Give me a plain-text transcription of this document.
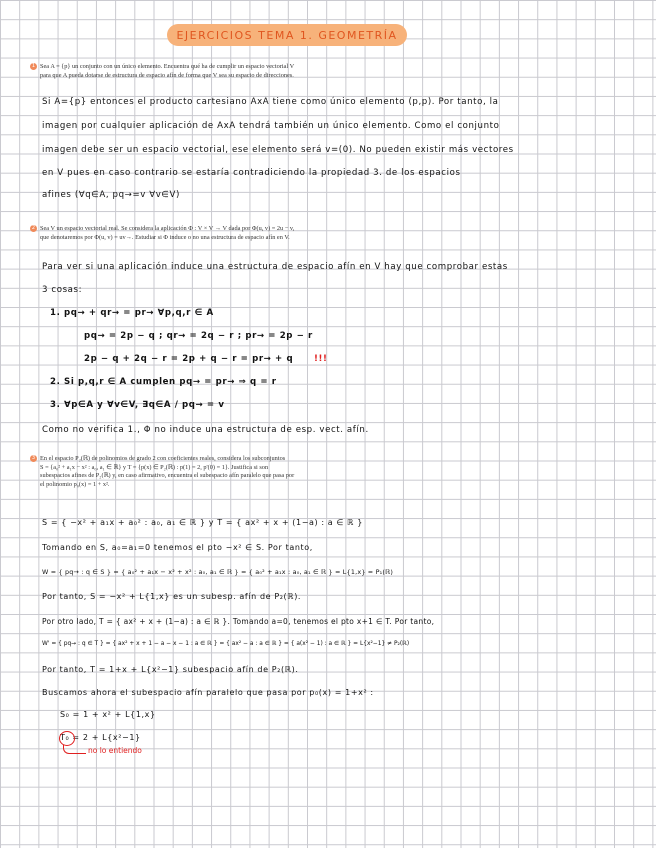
EJERCICIOS TEMA 1. GEOMETRÍA
1 Sea A = {p} un conjunto con un único elemento. Encuentra qué ha de cumplir un espacio vectorial V
para que A pueda dotarse de estructura de espacio afín de forma que V sea su espacio de direcciones.
Si A={p} entonces el producto cartesiano AxA tiene como único elemento (p,p). Por tanto, la
imagen por cualquier aplicación de AxA tendrá también un único elemento. Como el conjunto
imagen debe ser un espacio vectorial, ese elemento será v=(0). No pueden existir más vectores
en V pues en caso contrario se estaría contradiciendo la propiedad 3. de los espacios
afines (∀q∈A, pq→=v ∀v∈V)
2 Sea V un espacio vectorial real. Se considera la aplicación Φ : V × V → V dada por Φ(u, v) = 2u − v,
que denotaremos por Φ(u, v) = uv→. Estudiar si Φ induce o no una estructura de espacio afín en V.
Para ver si una aplicación induce una estructura de espacio afín en V hay que comprobar estas
3 cosas:
1. pq→ + qr→ = pr→ ∀p,q,r ∈ A
pq→ = 2p − q ; qr→ = 2q − r ; pr→ = 2p − r
2p − q + 2q − r = 2p + q − r = pr→ + q !!!
2. Si p,q,r ∈ A cumplen pq→ = pr→ ⇒ q = r
3. ∀p∈A y ∀v∈V, ∃q∈A / pq→ = v
Como no verifica 1., Φ no induce una estructura de esp. vect. afín.
3 En el espacio P₂(ℝ) de polinomios de grado 2 con coeficientes reales, considera los subconjuntos
S = {a₀² + a₁x − x² : a₀, a₁ ∈ ℝ} y T = {p(x) ∈ P₂(ℝ) : p(1) = 2, p'(0) = 1}. Justifica si son
subespacios afines de P₂(ℝ) y, en caso afirmativo, encuentra el subespacio afín paralelo que pasa por
el polinomio p₀(x) = 1 + x².
S = { −x² + a₁x + a₀² : a₀, a₁ ∈ ℝ } y T = { ax² + x + (1−a) : a ∈ ℝ }
Tomando en S, a₀=a₁=0 tenemos el pto −x² ∈ S. Por tanto,
W = { pq→ : q ∈ S } = { a₀² + a₁x − x² + x² : a₀, a₁ ∈ ℝ } = { a₀² + a₁x : a₀, a₁ ∈ ℝ } = L{1,x} = P₁(ℝ)
Por tanto, S = −x² + L{1,x} es un subesp. afín de P₂(ℝ).
Por otro lado, T = { ax² + x + (1−a) : a ∈ ℝ }. Tomando a=0, tenemos el pto x+1 ∈ T. Por tanto,
W' = { pq→ : q ∈ T } = { ax² + x + 1 − a − x − 1 : a ∈ ℝ } = { ax² − a : a ∈ ℝ } = { a(x² − 1) : a ∈ ℝ } = L{x²−1} ≠ P₂(ℝ)
Por tanto, T = 1+x + L{x²−1} subespacio afín de P₂(ℝ).
Buscamos ahora el subespacio afín paralelo que pasa por p₀(x) = 1+x² :
S₀ = 1 + x² + L{1,x}
T₀ = 2 + L{x²−1}
no lo entiendo
